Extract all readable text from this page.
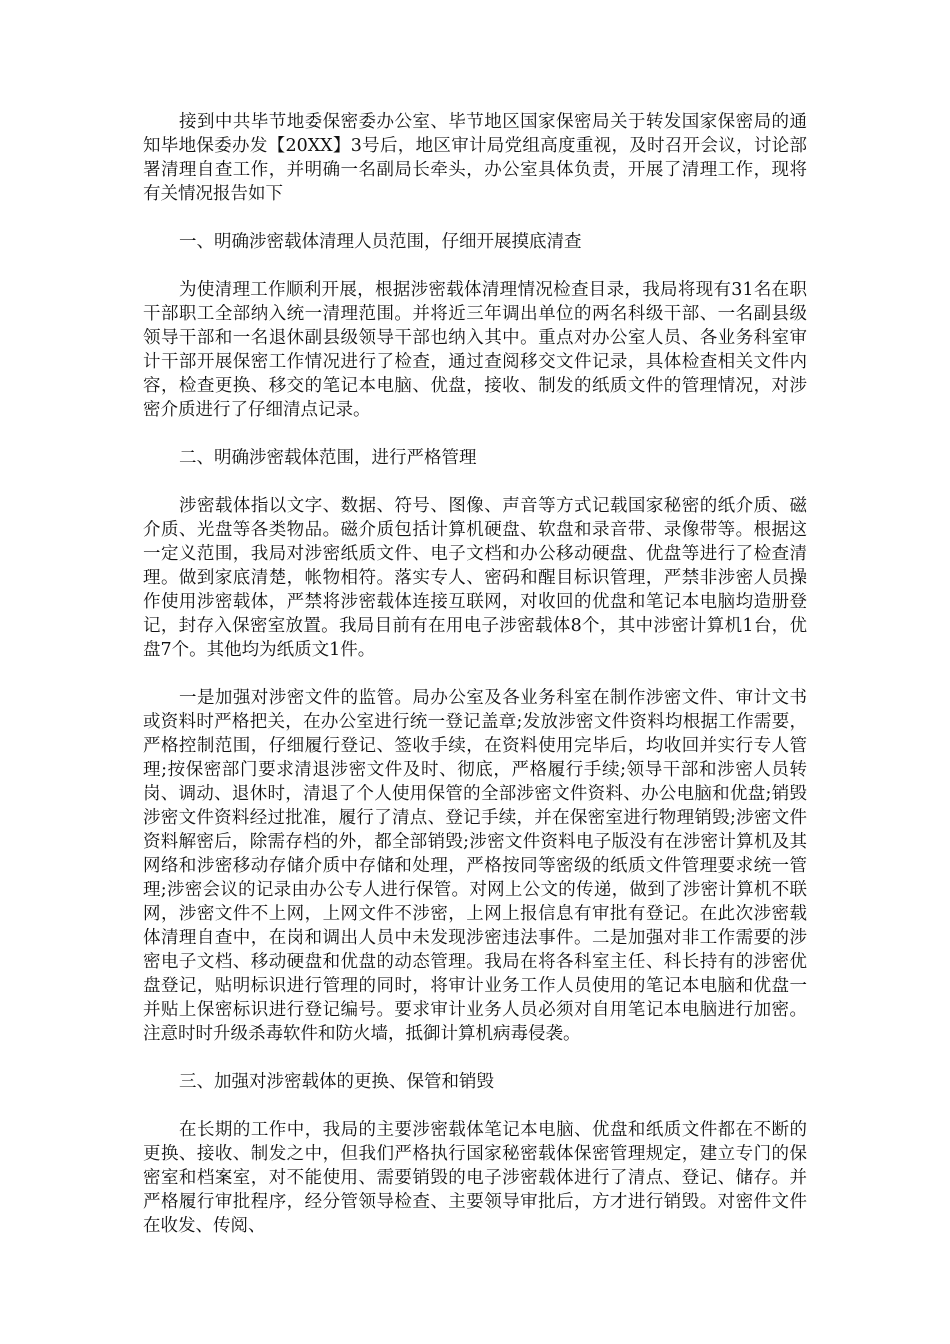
接到中共毕节地委保密委办公室、毕节地区国家保密局关于转发国家保密局的通知毕地保委办发【20XX】3号后，地区审计局党组高度重视，及时召开会议，讨论部署清理自查工作，并明确一名副局长牵头，办公室具体负责，开展了清理工作，现将有关情况报告如下

一、明确涉密载体清理人员范围，仔细开展摸底清查

为使清理工作顺利开展，根据涉密载体清理情况检查目录，我局将现有31名在职干部职工全部纳入统一清理范围。并将近三年调出单位的两名科级干部、一名副县级领导干部和一名退休副县级领导干部也纳入其中。重点对办公室人员、各业务科室审计干部开展保密工作情况进行了检查，通过查阅移交文件记录，具体检查相关文件内容，检查更换、移交的笔记本电脑、优盘，接收、制发的纸质文件的管理情况，对涉密介质进行了仔细清点记录。

二、明确涉密载体范围，进行严格管理

涉密载体指以文字、数据、符号、图像、声音等方式记载国家秘密的纸介质、磁介质、光盘等各类物品。磁介质包括计算机硬盘、软盘和录音带、录像带等。根据这一定义范围，我局对涉密纸质文件、电子文档和办公移动硬盘、优盘等进行了检查清理。做到家底清楚，帐物相符。落实专人、密码和醒目标识管理，严禁非涉密人员操作使用涉密载体，严禁将涉密载体连接互联网，对收回的优盘和笔记本电脑均造册登记，封存入保密室放置。我局目前有在用电子涉密载体8个，其中涉密计算机1台，优盘7个。其他均为纸质文1件。

一是加强对涉密文件的监管。局办公室及各业务科室在制作涉密文件、审计文书或资料时严格把关，在办公室进行统一登记盖章;发放涉密文件资料均根据工作需要，严格控制范围，仔细履行登记、签收手续，在资料使用完毕后，均收回并实行专人管理;按保密部门要求清退涉密文件及时、彻底，严格履行手续;领导干部和涉密人员转岗、调动、退休时，清退了个人使用保管的全部涉密文件资料、办公电脑和优盘;销毁涉密文件资料经过批准，履行了清点、登记手续，并在保密室进行物理销毁;涉密文件资料解密后，除需存档的外，都全部销毁;涉密文件资料电子版没有在涉密计算机及其网络和涉密移动存储介质中存储和处理，严格按同等密级的纸质文件管理要求统一管理;涉密会议的记录由办公专人进行保管。对网上公文的传递，做到了涉密计算机不联网，涉密文件不上网，上网文件不涉密，上网上报信息有审批有登记。在此次涉密载体清理自查中，在岗和调出人员中未发现涉密违法事件。二是加强对非工作需要的涉密电子文档、移动硬盘和优盘的动态管理。我局在将各科室主任、科长持有的涉密优盘登记，贴明标识进行管理的同时，将审计业务工作人员使用的笔记本电脑和优盘一并贴上保密标识进行登记编号。要求审计业务人员必须对自用笔记本电脑进行加密。注意时时升级杀毒软件和防火墙，抵御计算机病毒侵袭。

三、加强对涉密载体的更换、保管和销毁

在长期的工作中，我局的主要涉密载体笔记本电脑、优盘和纸质文件都在不断的更换、接收、制发之中，但我们严格执行国家秘密载体保密管理规定，建立专门的保密室和档案室，对不能使用、需要销毁的电子涉密载体进行了清点、登记、储存。并严格履行审批程序，经分管领导检查、主要领导审批后，方才进行销毁。对密件文件在收发、传阅、
